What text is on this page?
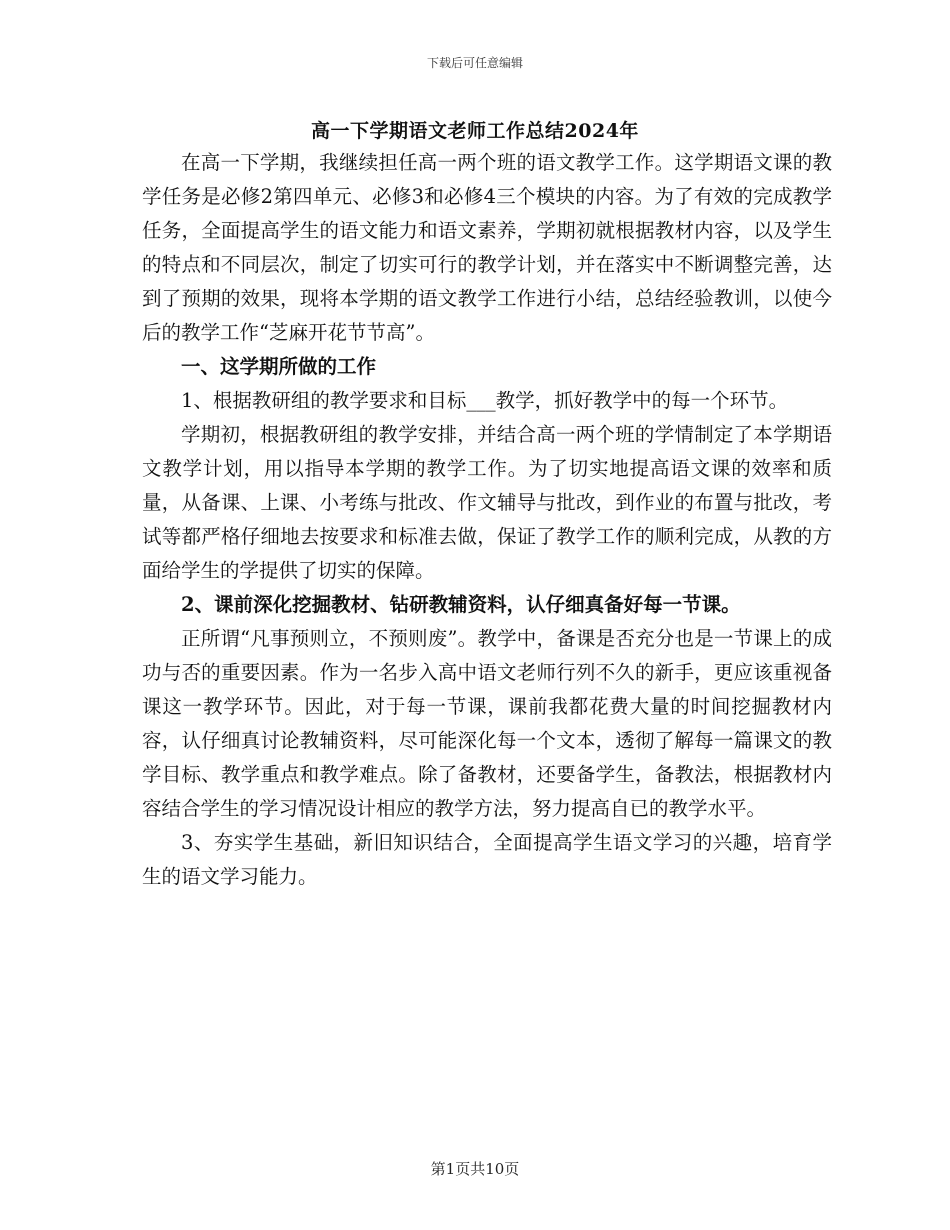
下载后可任意编辑
高一下学期语文老师工作总结2024年

在高一下学期，我继续担任高一两个班的语文教学工作。这学期语文课的教学任务是必修2第四单元、必修3和必修4三个模块的内容。为了有效的完成教学任务，全面提高学生的语文能力和语文素养，学期初就根据教材内容，以及学生的特点和不同层次，制定了切实可行的教学计划，并在落实中不断调整完善，达到了预期的效果，现将本学期的语文教学工作进行小结，总结经验教训，以使今后的教学工作“芝麻开花节节高”。

一、这学期所做的工作

1、根据教研组的教学要求和目标___教学，抓好教学中的每一个环节。

学期初，根据教研组的教学安排，并结合高一两个班的学情制定了本学期语文教学计划，用以指导本学期的教学工作。为了切实地提高语文课的效率和质量，从备课、上课、小考练与批改、作文辅导与批改，到作业的布置与批改，考试等都严格仔细地去按要求和标准去做，保证了教学工作的顺利完成，从教的方面给学生的学提供了切实的保障。

2、课前深化挖掘教材、钻研教辅资料，认仔细真备好每一节课。

正所谓“凡事预则立，不预则废”。教学中，备课是否充分也是一节课上的成功与否的重要因素。作为一名步入高中语文老师行列不久的新手，更应该重视备课这一教学环节。因此，对于每一节课，课前我都花费大量的时间挖掘教材内容，认仔细真讨论教辅资料，尽可能深化每一个文本，透彻了解每一篇课文的教学目标、教学重点和教学难点。除了备教材，还要备学生，备教法，根据教材内容结合学生的学习情况设计相应的教学方法，努力提高自已的教学水平。

3、夯实学生基础，新旧知识结合，全面提高学生语文学习的兴趣，培育学生的语文学习能力。

第1页共10页
